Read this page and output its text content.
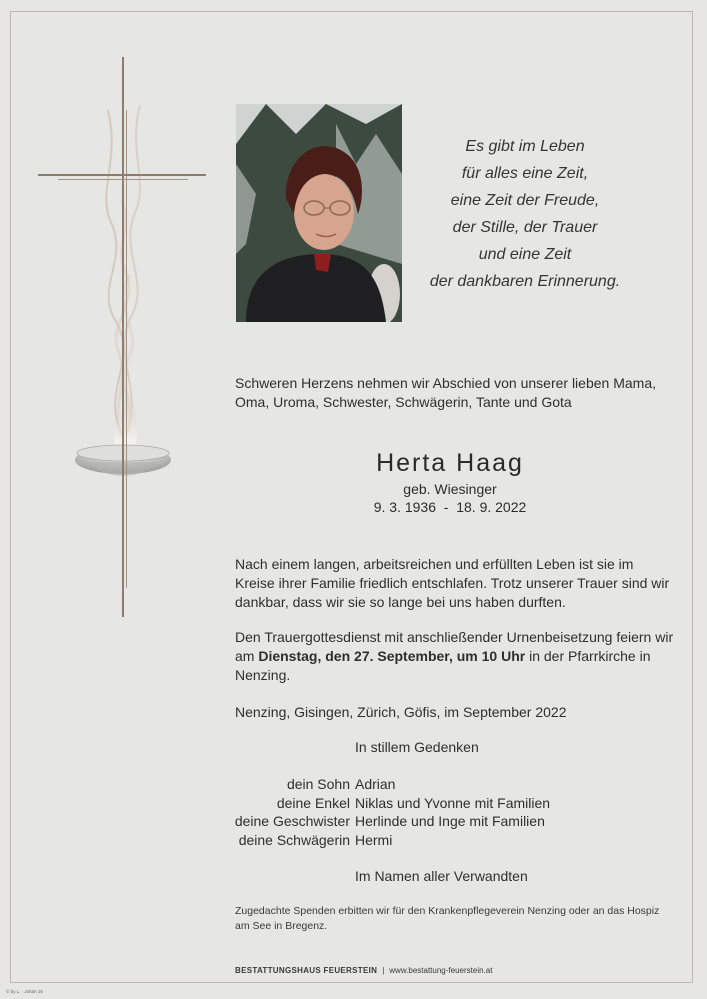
Es gibt im Leben
für alles eine Zeit,
eine Zeit der Freude,
der Stille, der Trauer
und eine Zeit
der dankbaren Erinnerung.
Schweren Herzens nehmen wir Abschied von unserer lieben Mama, Oma, Uroma, Schwester, Schwägerin, Tante und Gota
Herta Haag
geb. Wiesinger
9. 3. 1936  -  18. 9. 2022
Nach einem langen, arbeitsreichen und erfüllten Leben ist sie im Kreise ihrer Familie friedlich entschlafen. Trotz unserer Trauer sind wir dankbar, dass wir sie so lange bei uns haben durften.
Den Trauergottesdienst mit anschließender Urnenbeisetzung feiern wir am Dienstag, den 27. September, um 10 Uhr in der Pfarrkirche in Nenzing.
Nenzing, Gisingen, Zürich, Göfis, im September 2022
In stillem Gedenken
dein Sohn Adrian
deine Enkel Niklas und Yvonne mit Familien
deine Geschwister Herlinde und Inge mit Familien
deine Schwägerin Hermi
Im Namen aller Verwandten
Zugedachte Spenden erbitten wir für den Krankenpflegeverein Nenzing oder an das Hospiz am See in Bregenz.
BESTATTUNGSHAUS FEUERSTEIN | www.bestattung-feuerstein.at
© by L. · Johan 16
